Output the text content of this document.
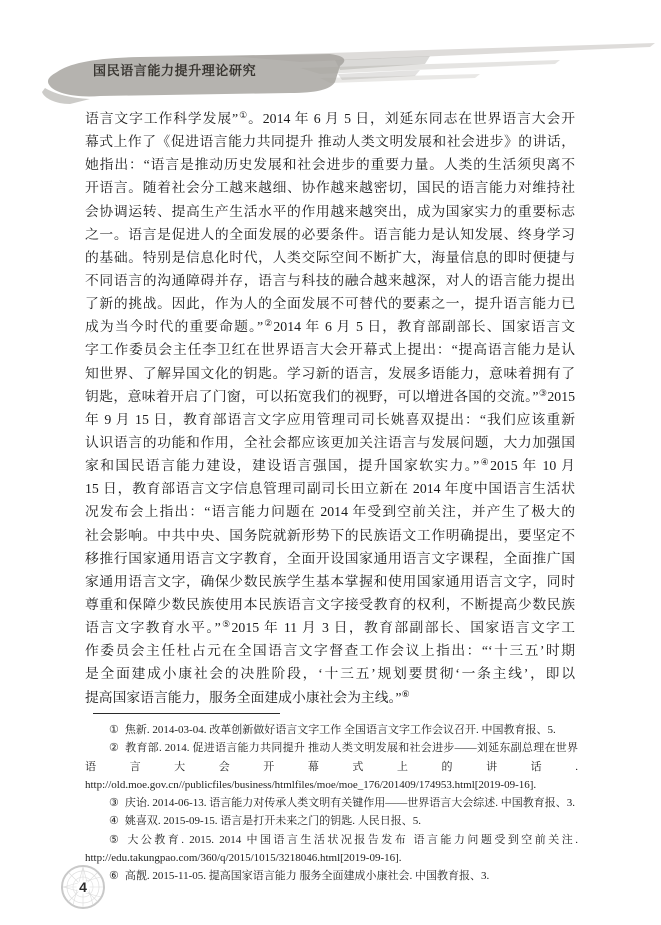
国民语言能力提升理论研究
语言文字工作科学发展”①。2014 年 6 月 5 日，刘延东同志在世界语言大会开
幕式上作了《促进语言能力共同提升 推动人类文明发展和社会进步》的讲话，
她指出：“语言是推动历史发展和社会进步的重要力量。人类的生活须臾离不
开语言。随着社会分工越来越细、协作越来越密切，国民的语言能力对维持社
会协调运转、提高生产生活水平的作用越来越突出，成为国家实力的重要标志
之一。语言是促进人的全面发展的必要条件。语言能力是认知发展、终身学习
的基础。特别是信息化时代，人类交际空间不断扩大，海量信息的即时便捷与
不同语言的沟通障碍并存，语言与科技的融合越来越深，对人的语言能力提出
了新的挑战。因此，作为人的全面发展不可替代的要素之一，提升语言能力已
成为当今时代的重要命题。”②2014 年 6 月 5 日，教育部副部长、国家语言文
字工作委员会主任李卫红在世界语言大会开幕式上提出：“提高语言能力是认
知世界、了解异国文化的钥匙。学习新的语言，发展多语能力，意味着拥有了
钥匙，意味着开启了门窗，可以拓宽我们的视野，可以增进各国的交流。”③2015
年 9 月 15 日，教育部语言文字应用管理司司长姚喜双提出：“我们应该重新
认识语言的功能和作用，全社会都应该更加关注语言与发展问题，大力加强国
家和国民语言能力建设，建设语言强国，提升国家软实力。”④2015 年 10 月
15 日，教育部语言文字信息管理司副司长田立新在 2014 年度中国语言生活状
况发布会上指出：“语言能力问题在 2014 年受到空前关注，并产生了极大的
社会影响。中共中央、国务院就新形势下的民族语文工作明确提出，要坚定不
移推行国家通用语言文字教育，全面开设国家通用语言文字课程，全面推广国
家通用语言文字，确保少数民族学生基本掌握和使用国家通用语言文字，同时
尊重和保障少数民族使用本民族语言文字接受教育的权利，不断提高少数民族
语言文字教育水平。”⑤2015 年 11 月 3 日，教育部副部长、国家语言文字工
作委员会主任杜占元在全国语言文字督查工作会议上指出：“‘十三五’时期
是全面建成小康社会的决胜阶段，‘十三五’规划要贯彻‘一条主线’，即以
提高国家语言能力，服务全面建成小康社会为主线。”⑥

① 焦新. 2014-03-04. 改革创新做好语言文字工作 全国语言文字工作会议召开. 中国教育报、5.

② 教育部. 2014. 促进语言能力共同提升 推动人类文明发展和社会进步——刘延东副总理在世界语言大会开幕式上的讲话. http://old.moe.gov.cn//publicfiles/business/htmlfiles/moe/moe_176/201409/174953.html[2019-09-16].

③ 庆诒. 2014-06-13. 语言能力对传承人类文明有关键作用——世界语言大会综述. 中国教育报、3.

④ 姚喜双. 2015-09-15. 语言是打开未来之门的钥匙. 人民日报、5.

⑤ 大公教育. 2015. 2014 中国语言生活状况报告发布 语言能力问题受到空前关注. http://edu.takungpao.com/360/q/2015/1015/3218046.html[2019-09-16].

⑥ 高靓. 2015-11-05. 提高国家语言能力 服务全面建成小康社会. 中国教育报、3.

4
